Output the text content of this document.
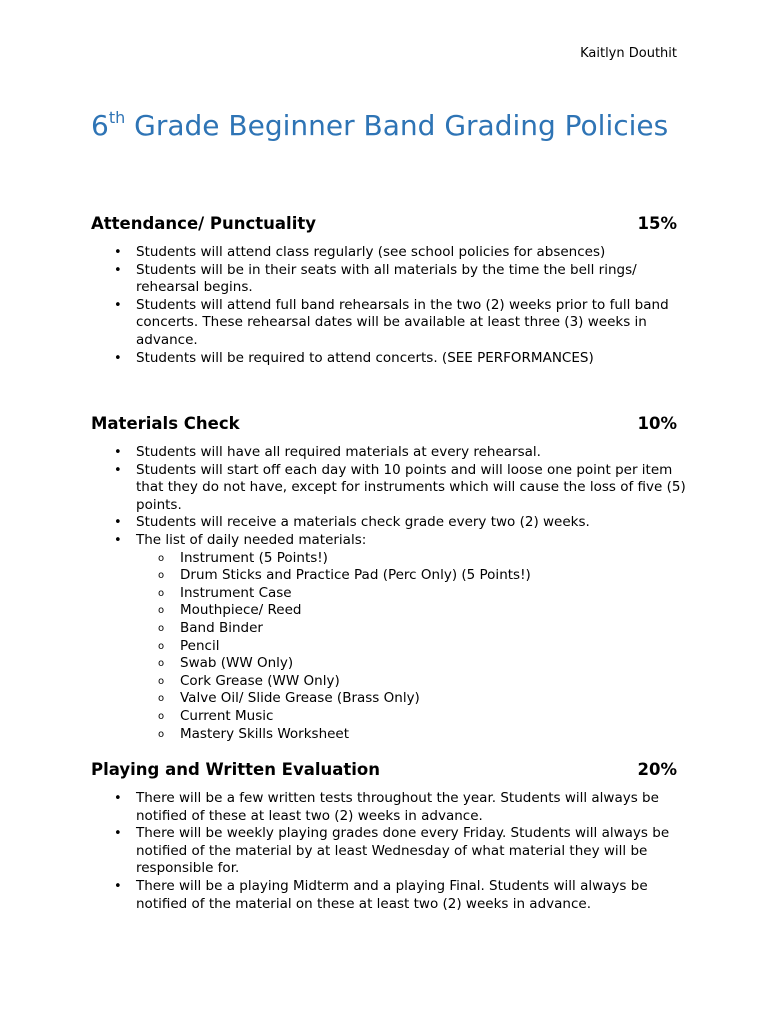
Kaitlyn Douthit
6th Grade Beginner Band Grading Policies
Attendance/ Punctuality	15%
• Students will attend class regularly (see school policies for absences)
• Students will be in their seats with all materials by the time the bell rings/ rehearsal begins.
• Students will attend full band rehearsals in the two (2) weeks prior to full band concerts. These rehearsal dates will be available at least three (3) weeks in advance.
• Students will be required to attend concerts. (SEE PERFORMANCES)
Materials Check	10%
• Students will have all required materials at every rehearsal.
• Students will start off each day with 10 points and will loose one point per item that they do not have, except for instruments which will cause the loss of five (5) points.
• Students will receive a materials check grade every two (2) weeks.
• The list of daily needed materials:
o Instrument (5 Points!)
o Drum Sticks and Practice Pad (Perc Only) (5 Points!)
o Instrument Case
o Mouthpiece/ Reed
o Band Binder
o Pencil
o Swab (WW Only)
o Cork Grease (WW Only)
o Valve Oil/ Slide Grease (Brass Only)
o Current Music
o Mastery Skills Worksheet
Playing and Written Evaluation	20%
• There will be a few written tests throughout the year. Students will always be notified of these at least two (2) weeks in advance.
• There will be weekly playing grades done every Friday. Students will always be notified of the material by at least Wednesday of what material they will be responsible for.
• There will be a playing Midterm and a playing Final. Students will always be notified of the material on these at least two (2) weeks in advance.
